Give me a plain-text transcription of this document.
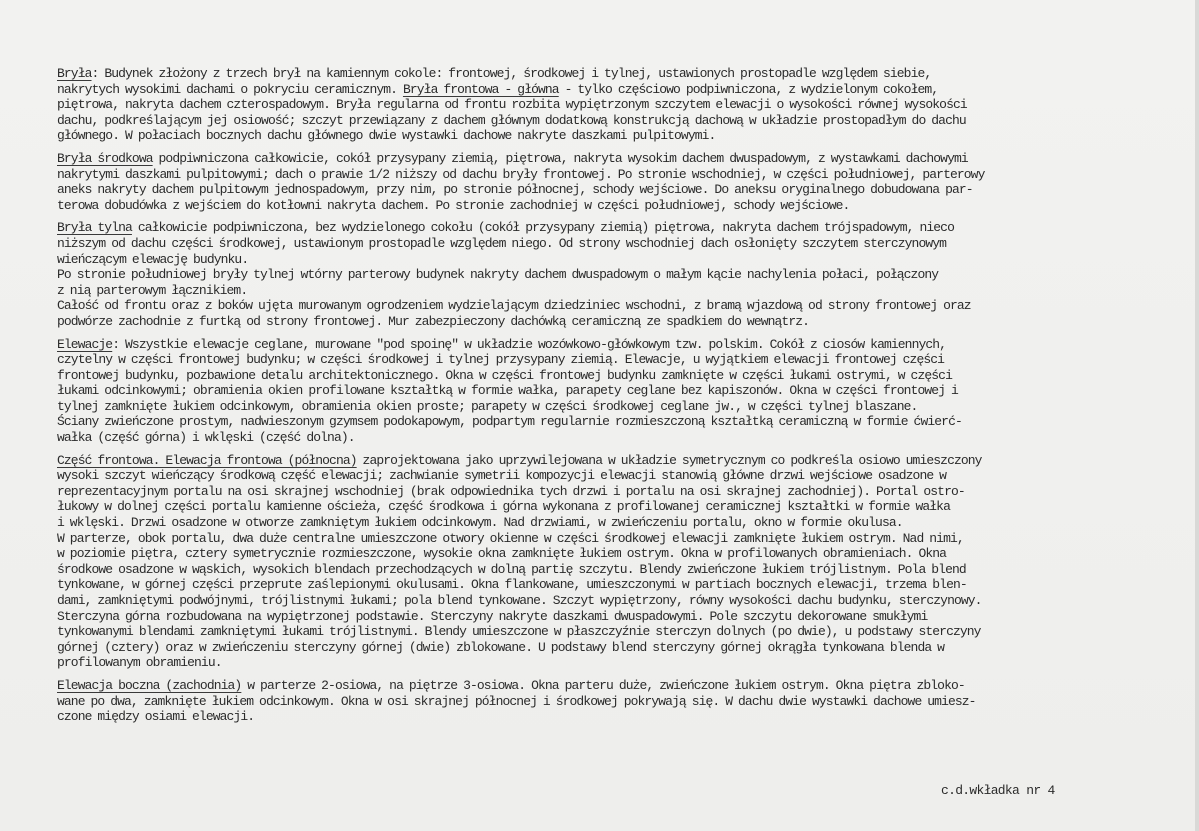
Bryła: Budynek złożony z trzech brył na kamiennym cokole: frontowej, środkowej i tylnej, ustawionych prostopadle względem siebie,
nakrytych wysokimi dachami o pokryciu ceramicznym. Bryła frontowa - główna - tylko częściowo podpiwniczona, z wydzielonym cokołem,
piętrowa, nakryta dachem czterospadowym. Bryła regularna od frontu rozbita wypiętrzonym szczytem elewacji o wysokości równej wysokości
dachu, podkreślającym jej osiowość; szczyt przewiązany z dachem głównym dodatkową konstrukcją dachową w układzie prostopadłym do dachu
głównego. W połaciach bocznych dachu głównego dwie wystawki dachowe nakryte daszkami pulpitowymi.
Bryła środkowa podpiwniczona całkowicie, cokół przysypany ziemią, piętrowa, nakryta wysokim dachem dwuspadowym, z wystawkami dachowymi
nakrytymi daszkami pulpitowymi; dach o prawie 1/2 niższy od dachu bryły frontowej. Po stronie wschodniej, w części południowej, parterowy
aneks nakryty dachem pulpitowym jednospadowym, przy nim, po stronie północnej, schody wejściowe. Do aneksu oryginalnego dobudowana par-
terowa dobudówka z wejściem do kotłowni nakryta dachem. Po stronie zachodniej w części południowej, schody wejściowe.
Bryła tylna całkowicie podpiwniczona, bez wydzielonego cokołu (cokół przysypany ziemią) piętrowa, nakryta dachem trójspadowym, nieco
niższym od dachu części środkowej, ustawionym prostopadle względem niego. Od strony wschodniej dach osłonięty szczytem sterczynowym
wieńczącym elewację budynku.
Po stronie południowej bryły tylnej wtórny parterowy budynek nakryty dachem dwuspadowym o małym kącie nachylenia połaci, połączony
z nią parterowym łącznikiem.
Całość od frontu oraz z boków ujęta murowanym ogrodzeniem wydzielającym dziedziniec wschodni, z bramą wjazdową od strony frontowej oraz
podwórze zachodnie z furtką od strony frontowej. Mur zabezpieczony dachówką ceramiczną ze spadkiem do wewnątrz.
Elewacje: Wszystkie elewacje ceglane, murowane "pod spoinę" w układzie wozówkowo-główkowym tzw. polskim. Cokół z ciosów kamiennych,
czytelny w części frontowej budynku; w części środkowej i tylnej przysypany ziemią. Elewacje, u wyjątkiem elewacji frontowej części
frontowej budynku, pozbawione detalu architektonicznego. Okna w części frontowej budynku zamknięte w części łukami ostrymi, w części
łukami odcinkowymi; obramienia okien profilowane kształtką w formie wałka, parapety ceglane bez kapiszonów. Okna w części frontowej i
tylnej zamknięte łukiem odcinkowym, obramienia okien proste; parapety w części środkowej ceglane jw., w części tylnej blaszane.
Ściany zwieńczone prostym, nadwieszonym gzymsem podokapowym, podpartym regularnie rozmieszczoną kształtką ceramiczną w formie ćwierć-
wałka (część górna) i wklęski (część dolna).
Część frontowa. Elewacja frontowa (północna) zaprojektowana jako uprzywilejowana w układzie symetrycznym co podkreśla osiowo umieszczony
wysoki szczyt wieńczący środkową część elewacji; zachwianie symetrii kompozycji elewacji stanowią główne drzwi wejściowe osadzone w
reprezentacyjnym portalu na osi skrajnej wschodniej (brak odpowiednika tych drzwi i portalu na osi skrajnej zachodniej). Portal ostro-
łukowy w dolnej części portalu kamienne ościeża, część środkowa i górna wykonana z profilowanej ceramicznej kształtki w formie wałka
i wklęski. Drzwi osadzone w otworze zamkniętym łukiem odcinkowym. Nad drzwiami, w zwieńczeniu portalu, okno w formie okulusa.
W parterze, obok portalu, dwa duże centralne umieszczone otwory okienne w części środkowej elewacji zamknięte łukiem ostrym. Nad nimi,
w poziomie piętra, cztery symetrycznie rozmieszczone, wysokie okna zamknięte łukiem ostrym. Okna w profilowanych obramieniach. Okna
środkowe osadzone w wąskich, wysokich blendach przechodzących w dolną partię szczytu. Blendy zwieńczone łukiem trójlistnym. Pola blend
tynkowane, w górnej części przeprute zaślepionymi okulusami. Okna flankowane, umieszczonymi w partiach bocznych elewacji, trzema blen-
dami, zamkniętymi podwójnymi, trójlistnymi łukami; pola blend tynkowane. Szczyt wypiętrzony, równy wysokości dachu budynku, sterczynowy.
Sterczyna górna rozbudowana na wypiętrzonej podstawie. Sterczyny nakryte daszkami dwuspadowymi. Pole szczytu dekorowane smukłymi
tynkowanymi blendami zamkniętymi łukami trójlistnymi. Blendy umieszczone w płaszczyźnie sterczyn dolnych (po dwie), u podstawy sterczyny
górnej (cztery) oraz w zwieńczeniu sterczyny górnej (dwie) zblokowane. U podstawy blend sterczyny górnej okrągła tynkowana blenda w
profilowanym obramieniu.
Elewacja boczna (zachodnia) w parterze 2-osiowa, na piętrze 3-osiowa. Okna parteru duże, zwieńczone łukiem ostrym. Okna piętra zbloko-
wane po dwa, zamknięte łukiem odcinkowym. Okna w osi skrajnej północnej i środkowej pokrywają się. W dachu dwie wystawki dachowe umiesz-
czone między osiami elewacji.
c.d.wkładka nr 4
